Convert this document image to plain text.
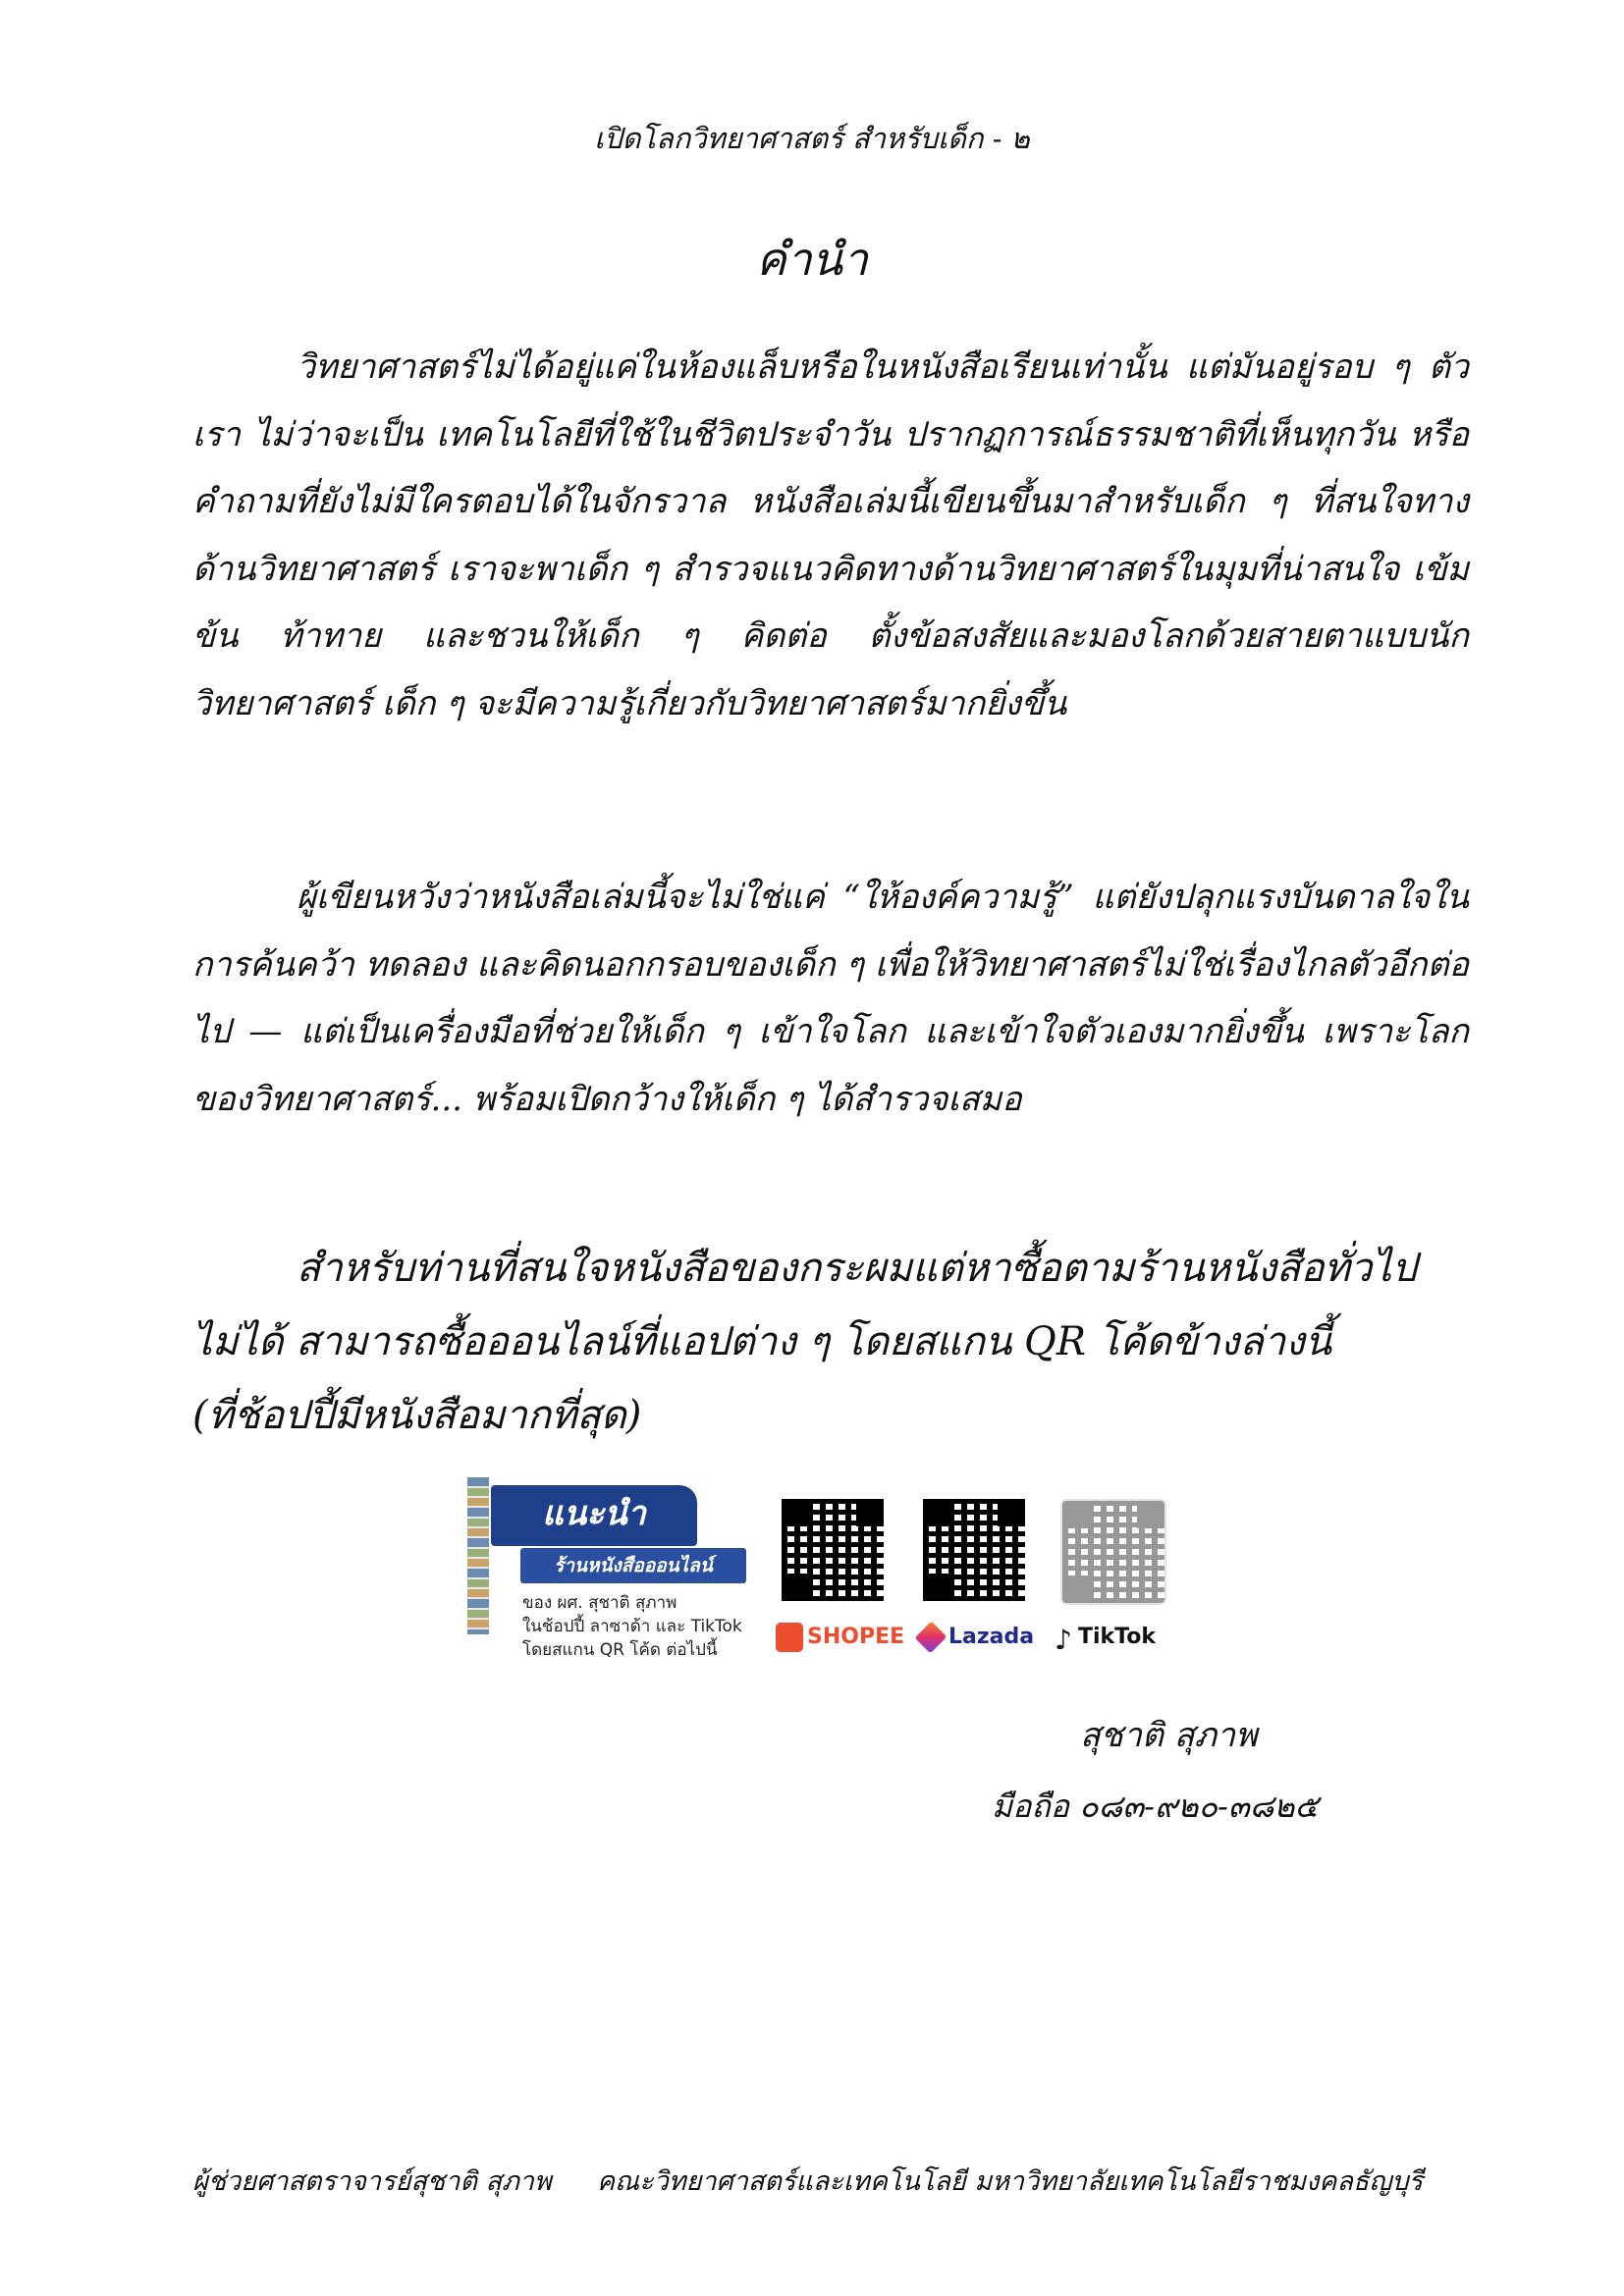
เปิดโลกวิทยาศาสตร์ สำหรับเด็ก - ๒
คำนำ

วิทยาศาสตร์ไม่ได้อยู่แค่ในห้องแล็บหรือในหนังสือเรียนเท่านั้น แต่มันอยู่รอบ ๆ ตัวเรา ไม่ว่าจะเป็น เทคโนโลยีที่ใช้ในชีวิตประจำวัน ปรากฏการณ์ธรรมชาติที่เห็นทุกวัน หรือคำถามที่ยังไม่มีใครตอบได้ในจักรวาล หนังสือเล่มนี้เขียนขึ้นมาสำหรับเด็ก ๆ ที่สนใจทางด้านวิทยาศาสตร์ เราจะพาเด็ก ๆ สำรวจแนวคิดทางด้านวิทยาศาสตร์ในมุมที่น่าสนใจ เข้มข้น ท้าทาย และชวนให้เด็ก ๆ คิดต่อ ตั้งข้อสงสัยและมองโลกด้วยสายตาแบบนักวิทยาศาสตร์ เด็ก ๆ จะมีความรู้เกี่ยวกับวิทยาศาสตร์มากยิ่งขึ้น

ผู้เขียนหวังว่าหนังสือเล่มนี้จะไม่ใช่แค่ “ให้องค์ความรู้” แต่ยังปลุกแรงบันดาลใจในการค้นคว้า ทดลอง และคิดนอกกรอบของเด็ก ๆ เพื่อให้วิทยาศาสตร์ไม่ใช่เรื่องไกลตัวอีกต่อไป — แต่เป็นเครื่องมือที่ช่วยให้เด็ก ๆ เข้าใจโลก และเข้าใจตัวเองมากยิ่งขึ้น เพราะโลกของวิทยาศาสตร์... พร้อมเปิดกว้างให้เด็ก ๆ ได้สำรวจเสมอ

สำหรับท่านที่สนใจหนังสือของกระผมแต่หาซื้อตามร้านหนังสือทั่วไป
ไม่ได้ สามารถซื้อออนไลน์ที่แอปต่าง ๆ โดยสแกน QR โค้ดข้างล่างนี้
(ที่ช้อปปี้มีหนังสือมากที่สุด)
แนะนำ
ร้านหนังสือออนไลน์
ของ ผศ. สุชาติ สุภาพ
ในช้อปปี้ ลาซาด้า และ TikTok
โดยสแกน QR โค้ด ต่อไปนี้
SHOPEE Lazada
♪ TikTok
สุชาติ สุภาพ
มือถือ ๐๘๓-๙๒๐-๓๘๒๕
ผู้ช่วยศาสตราจารย์สุชาติ สุภาพ คณะวิทยาศาสตร์และเทคโนโลยี มหาวิทยาลัยเทคโนโลยีราชมงคลธัญบุรี
